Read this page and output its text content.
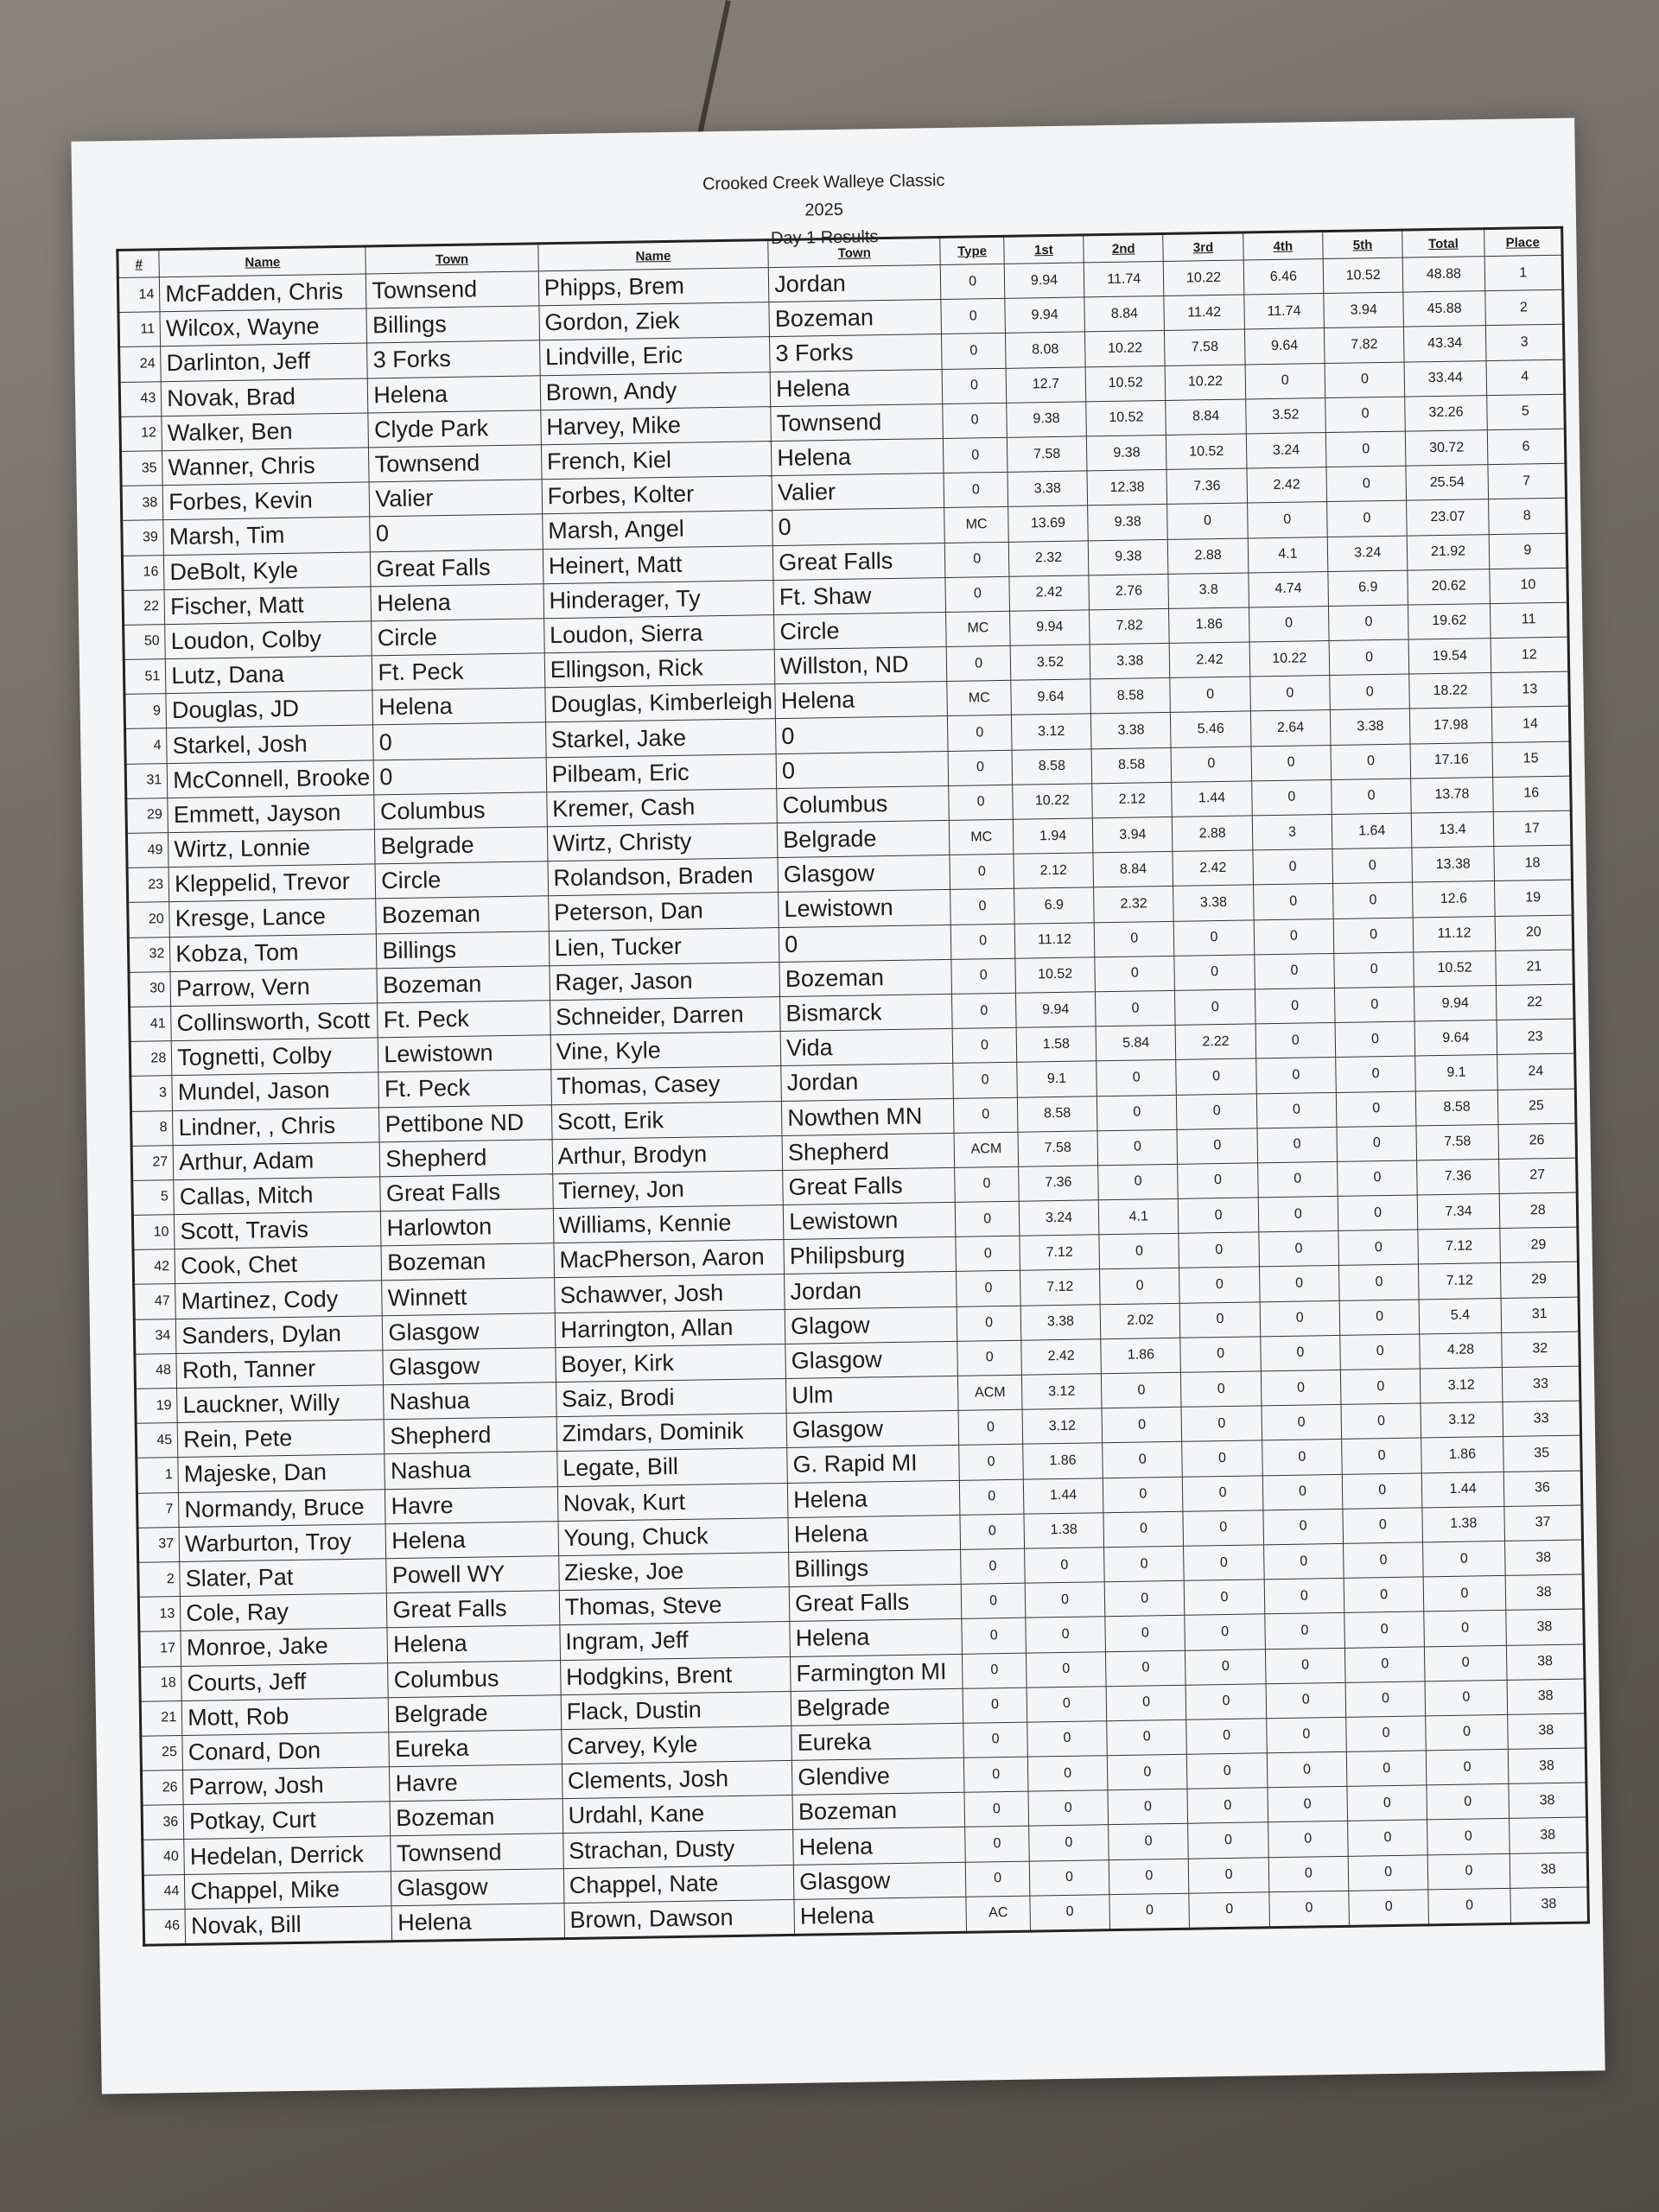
Crooked Creek Walleye Classic
2025
Day 1 Results
#	Name	Town	Name	Town	Type	1st	2nd	3rd	4th	5th	Total	Place
14	McFadden, Chris	Townsend	Phipps, Brem	Jordan	0	9.94	11.74	10.22	6.46	10.52	48.88	1
11	Wilcox, Wayne	Billings	Gordon, Ziek	Bozeman	0	9.94	8.84	11.42	11.74	3.94	45.88	2
24	Darlinton, Jeff	3 Forks	Lindville, Eric	3 Forks	0	8.08	10.22	7.58	9.64	7.82	43.34	3
43	Novak, Brad	Helena	Brown, Andy	Helena	0	12.7	10.52	10.22	0	0	33.44	4
12	Walker, Ben	Clyde Park	Harvey, Mike	Townsend	0	9.38	10.52	8.84	3.52	0	32.26	5
35	Wanner, Chris	Townsend	French, Kiel	Helena	0	7.58	9.38	10.52	3.24	0	30.72	6
38	Forbes, Kevin	Valier	Forbes, Kolter	Valier	0	3.38	12.38	7.36	2.42	0	25.54	7
39	Marsh, Tim	0	Marsh, Angel	0	MC	13.69	9.38	0	0	0	23.07	8
16	DeBolt, Kyle	Great Falls	Heinert, Matt	Great Falls	0	2.32	9.38	2.88	4.1	3.24	21.92	9
22	Fischer, Matt	Helena	Hinderager, Ty	Ft. Shaw	0	2.42	2.76	3.8	4.74	6.9	20.62	10
50	Loudon, Colby	Circle	Loudon, Sierra	Circle	MC	9.94	7.82	1.86	0	0	19.62	11
51	Lutz, Dana	Ft. Peck	Ellingson, Rick	Willston, ND	0	3.52	3.38	2.42	10.22	0	19.54	12
9	Douglas, JD	Helena	Douglas, Kimberleigh	Helena	MC	9.64	8.58	0	0	0	18.22	13
4	Starkel, Josh	0	Starkel, Jake	0	0	3.12	3.38	5.46	2.64	3.38	17.98	14
31	McConnell, Brooke	0	Pilbeam, Eric	0	0	8.58	8.58	0	0	0	17.16	15
29	Emmett, Jayson	Columbus	Kremer, Cash	Columbus	0	10.22	2.12	1.44	0	0	13.78	16
49	Wirtz, Lonnie	Belgrade	Wirtz, Christy	Belgrade	MC	1.94	3.94	2.88	3	1.64	13.4	17
23	Kleppelid, Trevor	Circle	Rolandson, Braden	Glasgow	0	2.12	8.84	2.42	0	0	13.38	18
20	Kresge, Lance	Bozeman	Peterson, Dan	Lewistown	0	6.9	2.32	3.38	0	0	12.6	19
32	Kobza, Tom	Billings	Lien, Tucker	0	0	11.12	0	0	0	0	11.12	20
30	Parrow, Vern	Bozeman	Rager, Jason	Bozeman	0	10.52	0	0	0	0	10.52	21
41	Collinsworth, Scott	Ft. Peck	Schneider, Darren	Bismarck	0	9.94	0	0	0	0	9.94	22
28	Tognetti, Colby	Lewistown	Vine, Kyle	Vida	0	1.58	5.84	2.22	0	0	9.64	23
3	Mundel, Jason	Ft. Peck	Thomas, Casey	Jordan	0	9.1	0	0	0	0	9.1	24
8	Lindner, , Chris	Pettibone ND	Scott, Erik	Nowthen MN	0	8.58	0	0	0	0	8.58	25
27	Arthur, Adam	Shepherd	Arthur, Brodyn	Shepherd	ACM	7.58	0	0	0	0	7.58	26
5	Callas, Mitch	Great Falls	Tierney, Jon	Great Falls	0	7.36	0	0	0	0	7.36	27
10	Scott, Travis	Harlowton	Williams, Kennie	Lewistown	0	3.24	4.1	0	0	0	7.34	28
42	Cook, Chet	Bozeman	MacPherson, Aaron	Philipsburg	0	7.12	0	0	0	0	7.12	29
47	Martinez, Cody	Winnett	Schawver, Josh	Jordan	0	7.12	0	0	0	0	7.12	29
34	Sanders, Dylan	Glasgow	Harrington, Allan	Glagow	0	3.38	2.02	0	0	0	5.4	31
48	Roth, Tanner	Glasgow	Boyer, Kirk	Glasgow	0	2.42	1.86	0	0	0	4.28	32
19	Lauckner, Willy	Nashua	Saiz, Brodi	Ulm	ACM	3.12	0	0	0	0	3.12	33
45	Rein, Pete	Shepherd	Zimdars, Dominik	Glasgow	0	3.12	0	0	0	0	3.12	33
1	Majeske, Dan	Nashua	Legate, Bill	G. Rapid MI	0	1.86	0	0	0	0	1.86	35
7	Normandy, Bruce	Havre	Novak, Kurt	Helena	0	1.44	0	0	0	0	1.44	36
37	Warburton, Troy	Helena	Young, Chuck	Helena	0	1.38	0	0	0	0	1.38	37
2	Slater, Pat	Powell WY	Zieske, Joe	Billings	0	0	0	0	0	0	0	38
13	Cole, Ray	Great Falls	Thomas, Steve	Great Falls	0	0	0	0	0	0	0	38
17	Monroe, Jake	Helena	Ingram, Jeff	Helena	0	0	0	0	0	0	0	38
18	Courts, Jeff	Columbus	Hodgkins, Brent	Farmington MI	0	0	0	0	0	0	0	38
21	Mott, Rob	Belgrade	Flack, Dustin	Belgrade	0	0	0	0	0	0	0	38
25	Conard, Don	Eureka	Carvey, Kyle	Eureka	0	0	0	0	0	0	0	38
26	Parrow, Josh	Havre	Clements, Josh	Glendive	0	0	0	0	0	0	0	38
36	Potkay, Curt	Bozeman	Urdahl, Kane	Bozeman	0	0	0	0	0	0	0	38
40	Hedelan, Derrick	Townsend	Strachan, Dusty	Helena	0	0	0	0	0	0	0	38
44	Chappel, Mike	Glasgow	Chappel, Nate	Glasgow	0	0	0	0	0	0	0	38
46	Novak, Bill	Helena	Brown, Dawson	Helena	AC	0	0	0	0	0	0	38
